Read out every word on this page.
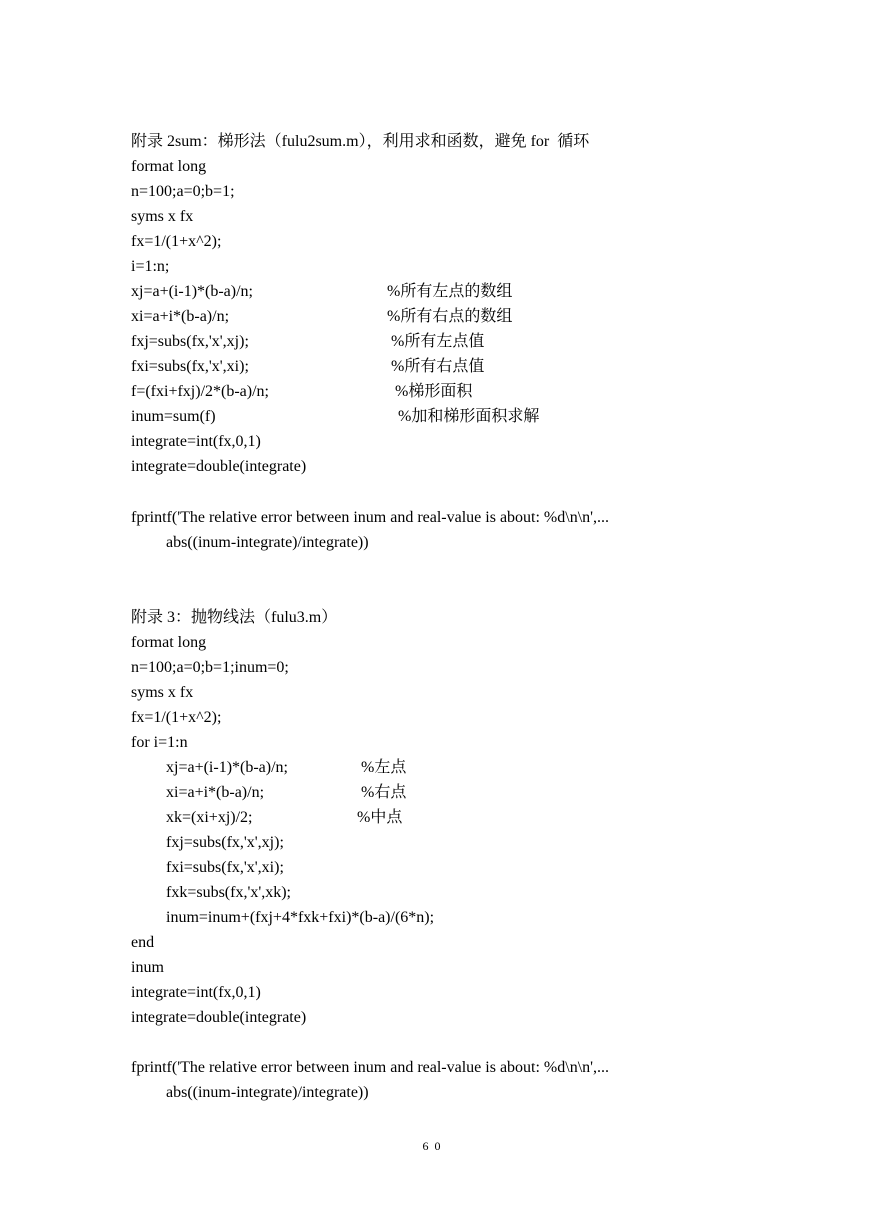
附录 2sum：梯形法（fulu2sum.m），利用求和函数，避免 for  循环
format long
n=100;a=0;b=1;
syms x fx
fx=1/(1+x^2);
i=1:n;

xj=a+(i-1)*(b-a)/n;

	%所有左点的数组

xi=a+i*(b-a)/n;

	%所有右点的数组

fxj=subs(fx,'x',xj);

	%所有左点值

fxi=subs(fx,'x',xi);

	%所有右点值

f=(fxi+fxj)/2*(b-a)/n;

	%梯形面积

inum=sum(f)

	%加和梯形面积求解

integrate=int(fx,0,1)
integrate=double(integrate)
fprintf('The relative error between inum and real-value is about: %d\n\n',...
abs((inum-integrate)/integrate))
附录 3：抛物线法（fulu3.m）
format long
n=100;a=0;b=1;inum=0;
syms x fx
fx=1/(1+x^2);
for i=1:n

xj=a+(i-1)*(b-a)/n;

	%左点

xi=a+i*(b-a)/n;

	%右点

xk=(xi+xj)/2;

	%中点

fxj=subs(fx,'x',xj);
fxi=subs(fx,'x',xi);
fxk=subs(fx,'x',xk);
inum=inum+(fxj+4*fxk+fxi)*(b-a)/(6*n);
end
inum
integrate=int(fx,0,1)
integrate=double(integrate)
fprintf('The relative error between inum and real-value is about: %d\n\n',...
abs((inum-integrate)/integrate))
60
